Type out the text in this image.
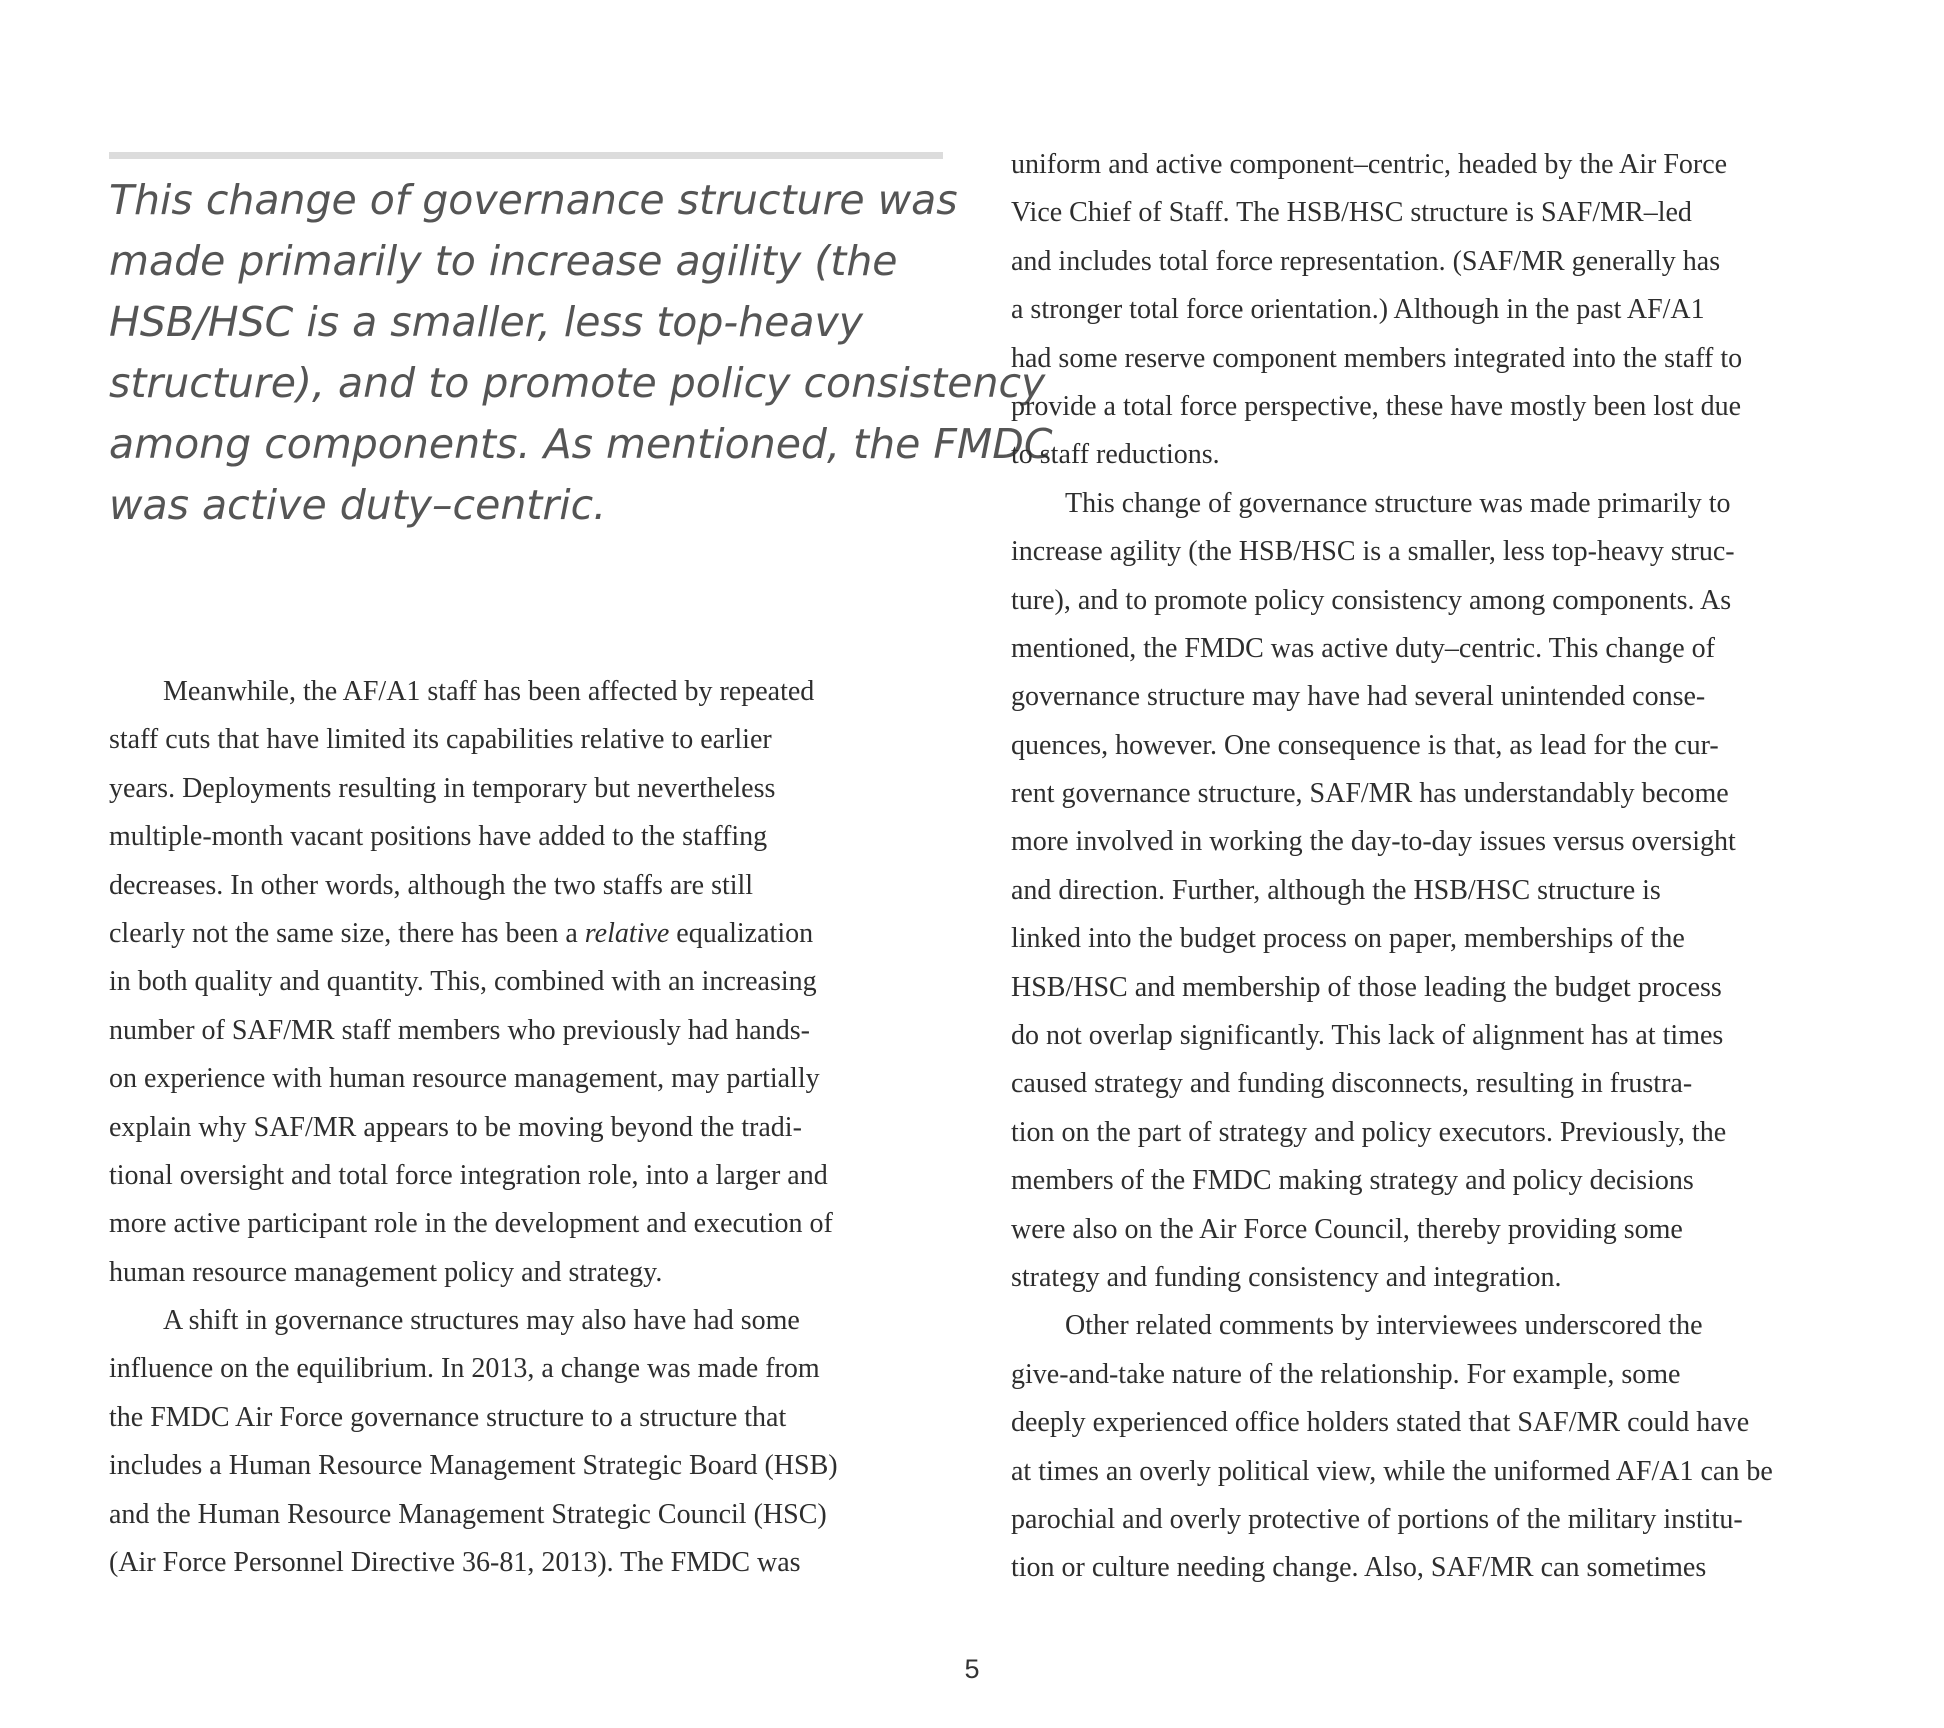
This change of governance structure was
made primarily to increase agility (the
HSB/HSC is a smaller, less top-heavy
structure), and to promote policy consistency
among components. As mentioned, the FMDC
was active duty–centric.
Meanwhile, the AF/A1 staff has been affected by repeated
staff cuts that have limited its capabilities relative to earlier
years. Deployments resulting in temporary but nevertheless
multiple-month vacant positions have added to the staffing
decreases. In other words, although the two staffs are still
clearly not the same size, there has been a relative equalization
in both quality and quantity. This, combined with an increasing
number of SAF/MR staff members who previously had hands-
on experience with human resource management, may partially
explain why SAF/MR appears to be moving beyond the tradi-
tional oversight and total force integration role, into a larger and
more active participant role in the development and execution of
human resource management policy and strategy.
A shift in governance structures may also have had some
influence on the equilibrium. In 2013, a change was made from
the FMDC Air Force governance structure to a structure that
includes a Human Resource Management Strategic Board (HSB)
and the Human Resource Management Strategic Council (HSC)
(Air Force Personnel Directive 36-81, 2013). The FMDC was
uniform and active component–centric, headed by the Air Force
Vice Chief of Staff. The HSB/HSC structure is SAF/MR–led
and includes total force representation. (SAF/MR generally has
a stronger total force orientation.) Although in the past AF/A1
had some reserve component members integrated into the staff to
provide a total force perspective, these have mostly been lost due
to staff reductions.
This change of governance structure was made primarily to
increase agility (the HSB/HSC is a smaller, less top-heavy struc-
ture), and to promote policy consistency among components. As
mentioned, the FMDC was active duty–centric. This change of
governance structure may have had several unintended conse-
quences, however. One consequence is that, as lead for the cur-
rent governance structure, SAF/MR has understandably become
more involved in working the day-to-day issues versus oversight
and direction. Further, although the HSB/HSC structure is
linked into the budget process on paper, memberships of the
HSB/HSC and membership of those leading the budget process
do not overlap significantly. This lack of alignment has at times
caused strategy and funding disconnects, resulting in frustra-
tion on the part of strategy and policy executors. Previously, the
members of the FMDC making strategy and policy decisions
were also on the Air Force Council, thereby providing some
strategy and funding consistency and integration.
Other related comments by interviewees underscored the
give-and-take nature of the relationship. For example, some
deeply experienced office holders stated that SAF/MR could have
at times an overly political view, while the uniformed AF/A1 can be
parochial and overly protective of portions of the military institu-
tion or culture needing change. Also, SAF/MR can sometimes
5
